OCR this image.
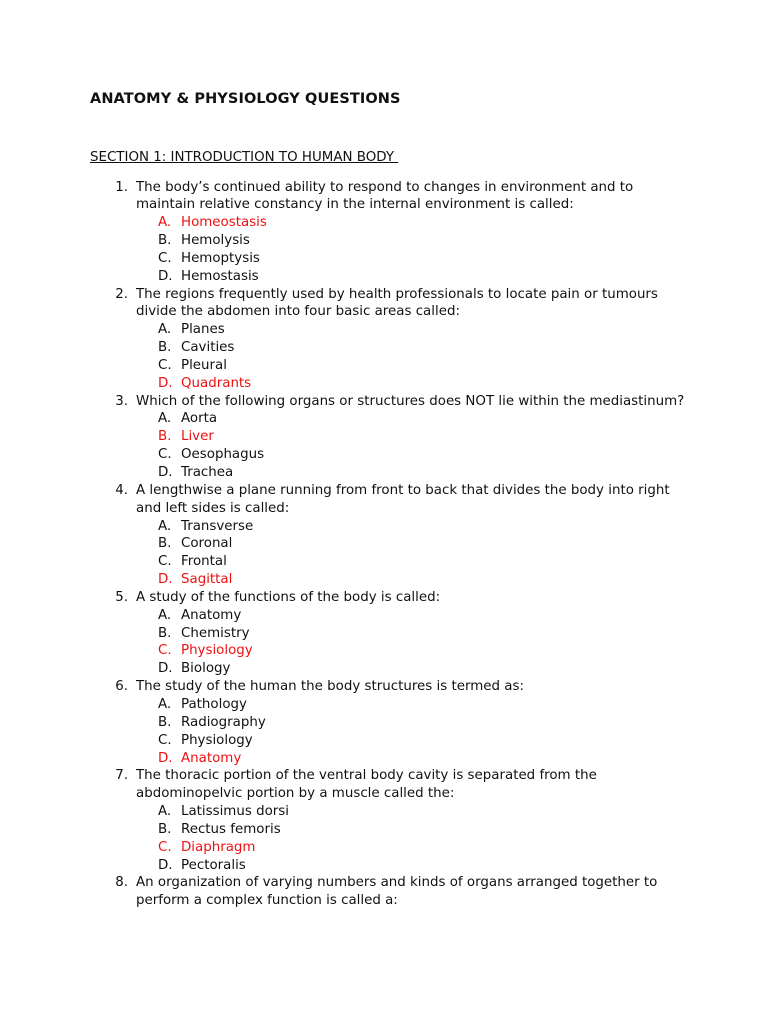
ANATOMY & PHYSIOLOGY QUESTIONS
SECTION 1: INTRODUCTION TO HUMAN BODY
1. The body’s continued ability to respond to changes in environment and to maintain relative constancy in the internal environment is called:
A. Homeostasis
B. Hemolysis
C. Hemoptysis
D. Hemostasis
2. The regions frequently used by health professionals to locate pain or tumours divide the abdomen into four basic areas called:
A. Planes
B. Cavities
C. Pleural
D. Quadrants
3. Which of the following organs or structures does NOT lie within the mediastinum?
A. Aorta
B. Liver
C. Oesophagus
D. Trachea
4. A lengthwise a plane running from front to back that divides the body into right and left sides is called:
A. Transverse
B. Coronal
C. Frontal
D. Sagittal
5. A study of the functions of the body is called:
A. Anatomy
B. Chemistry
C. Physiology
D. Biology
6. The study of the human the body structures is termed as:
A. Pathology
B. Radiography
C. Physiology
D. Anatomy
7. The thoracic portion of the ventral body cavity is separated from the abdominopelvic portion by a muscle called the:
A. Latissimus dorsi
B. Rectus femoris
C. Diaphragm
D. Pectoralis
8. An organization of varying numbers and kinds of organs arranged together to perform a complex function is called a:
